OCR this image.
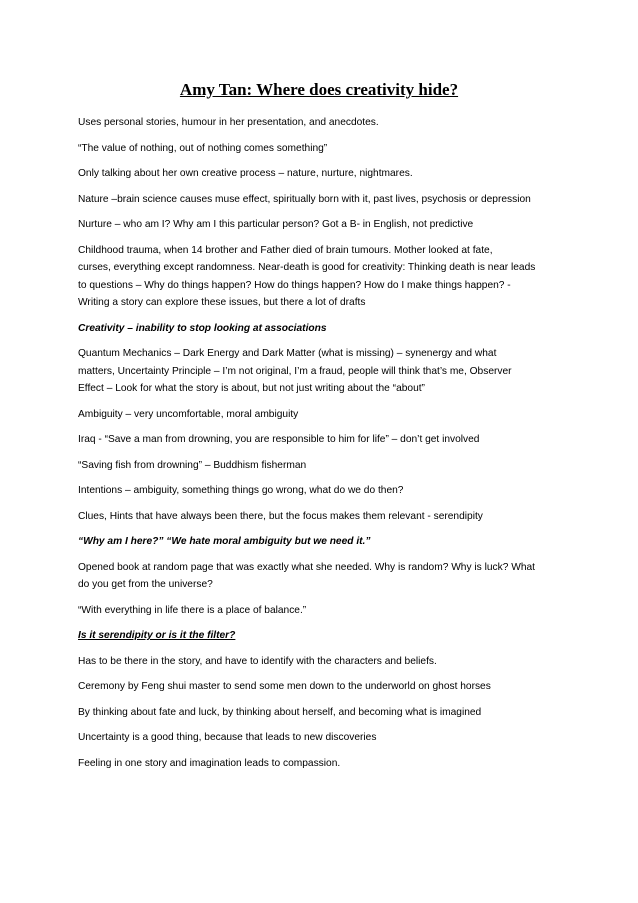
Amy Tan: Where does creativity hide?

Uses personal stories, humour in her presentation, and anecdotes.

“The value of nothing, out of nothing comes something”

Only talking about her own creative process – nature, nurture, nightmares.

Nature –brain science causes muse effect, spiritually born with it, past lives, psychosis or depression

Nurture – who am I? Why am I this particular person? Got a B- in English, not predictive

Childhood trauma, when 14 brother and Father died of brain tumours. Mother looked at fate,
curses, everything except randomness. Near-death is good for creativity: Thinking death is near leads
to questions – Why do things happen? How do things happen? How do I make things happen? -
Writing a story can explore these issues, but there a lot of drafts

Creativity – inability to stop looking at associations

Quantum Mechanics – Dark Energy and Dark Matter (what is missing) – synenergy and what
matters, Uncertainty Principle – I’m not original, I’m a fraud, people will think that’s me, Observer
Effect – Look for what the story is about, but not just writing about the “about”

Ambiguity – very uncomfortable, moral ambiguity

Iraq - “Save a man from drowning, you are responsible to him for life” – don’t get involved

“Saving fish from drowning” – Buddhism fisherman

Intentions – ambiguity, something things go wrong, what do we do then?

Clues, Hints that have always been there, but the focus makes them relevant - serendipity

“Why am I here?” “We hate moral ambiguity but we need it.”

Opened book at random page that was exactly what she needed. Why is random? Why is luck? What
do you get from the universe?

“With everything in life there is a place of balance.”

Is it serendipity or is it the filter?

Has to be there in the story, and have to identify with the characters and beliefs.

Ceremony by Feng shui master to send some men down to the underworld on ghost horses

By thinking about fate and luck, by thinking about herself, and becoming what is imagined

Uncertainty is a good thing, because that leads to new discoveries

Feeling in one story and imagination leads to compassion.
